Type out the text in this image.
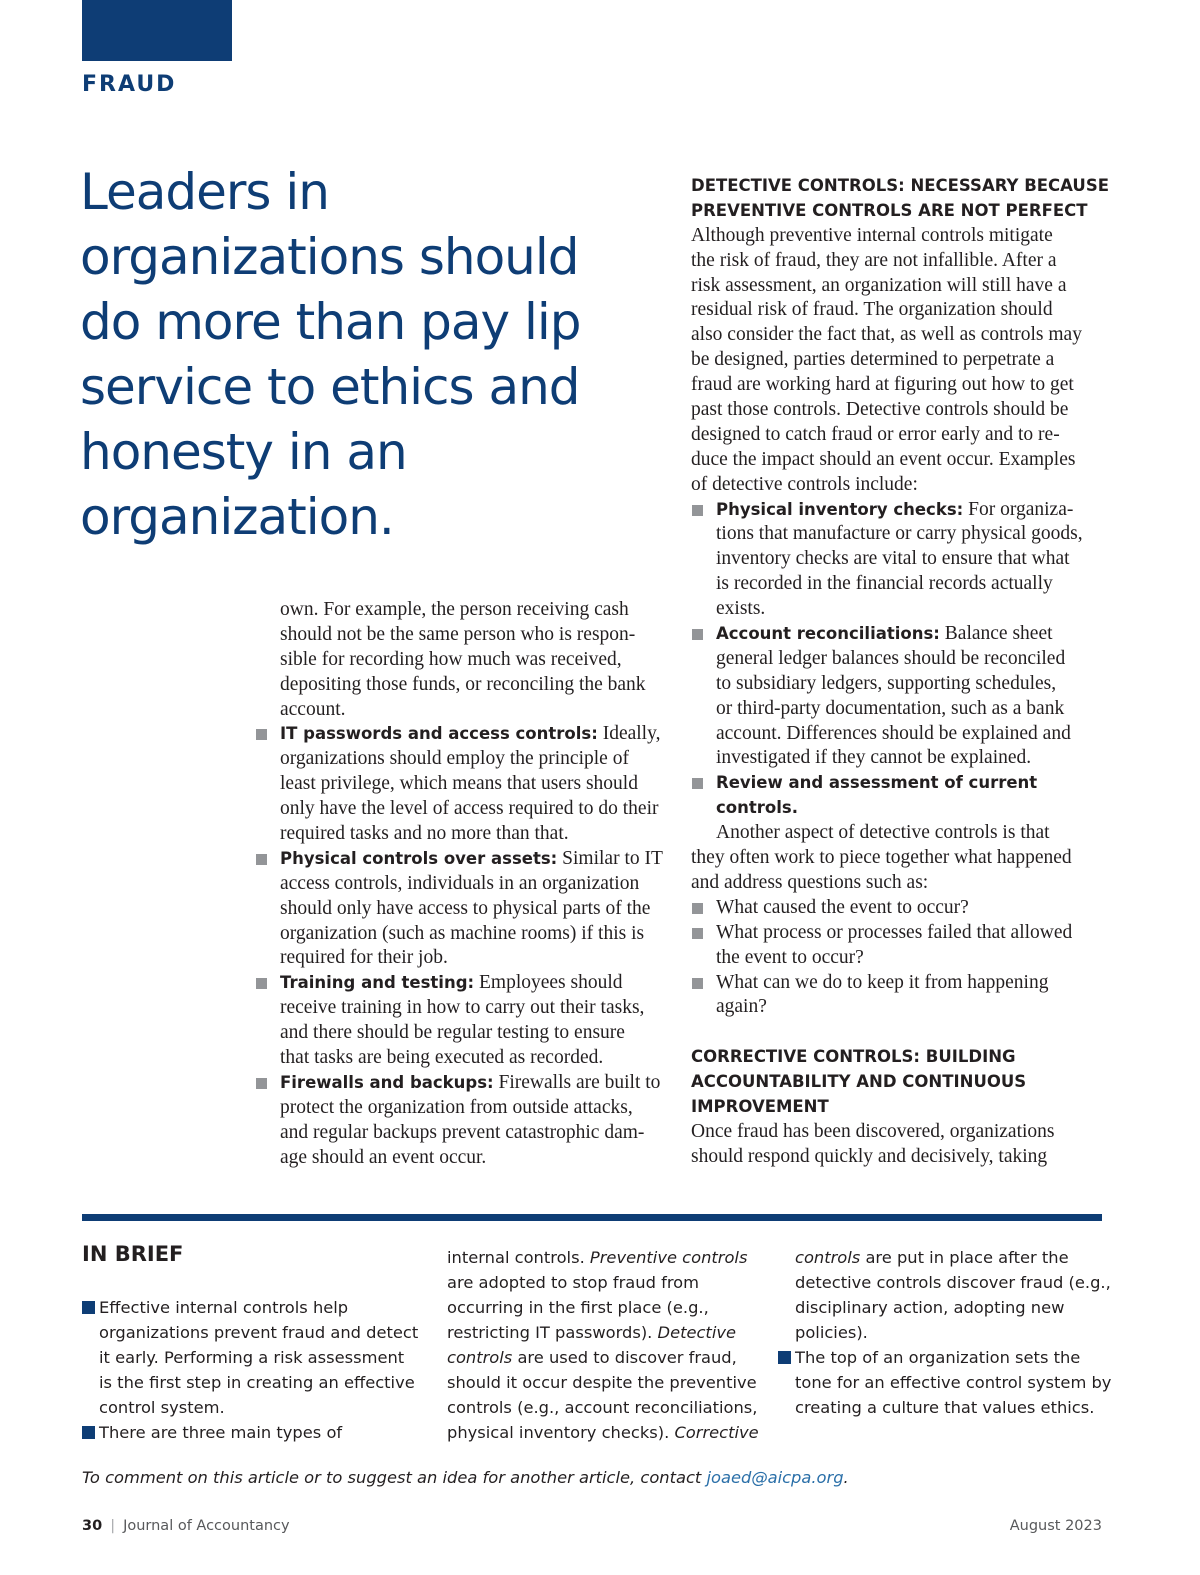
FRAUD
Leaders in
organizations should
do more than pay lip
service to ethics and
honesty in an
organization.
own. For example, the person receiving cash
should not be the same person who is respon-
sible for recording how much was received,
depositing those funds, or reconciling the bank
account.
IT passwords and access controls: Ideally,
organizations should employ the principle of
least privilege, which means that users should
only have the level of access required to do their
required tasks and no more than that.
Physical controls over assets: Similar to IT
access controls, individuals in an organization
should only have access to physical parts of the
organization (such as machine rooms) if this is
required for their job.
Training and testing: Employees should
receive training in how to carry out their tasks,
and there should be regular testing to ensure
that tasks are being executed as recorded.
Firewalls and backups: Firewalls are built to
protect the organization from outside attacks,
and regular backups prevent catastrophic dam-
age should an event occur.
DETECTIVE CONTROLS: NECESSARY BECAUSE
PREVENTIVE CONTROLS ARE NOT PERFECT
Although preventive internal controls mitigate
the risk of fraud, they are not infallible. After a
risk assessment, an organization will still have a
residual risk of fraud. The organization should
also consider the fact that, as well as controls may
be designed, parties determined to perpetrate a
fraud are working hard at figuring out how to get
past those controls. Detective controls should be
designed to catch fraud or error early and to re-
duce the impact should an event occur. Examples
of detective controls include:
Physical inventory checks: For organiza-
tions that manufacture or carry physical goods,
inventory checks are vital to ensure that what
is recorded in the financial records actually
exists.
Account reconciliations: Balance sheet
general ledger balances should be reconciled
to subsidiary ledgers, supporting schedules,
or third-party documentation, such as a bank
account. Differences should be explained and
investigated if they cannot be explained.
Review and assessment of current
controls.
Another aspect of detective controls is that
they often work to piece together what happened
and address questions such as:
What caused the event to occur?
What process or processes failed that allowed
the event to occur?
What can we do to keep it from happening
again?
CORRECTIVE CONTROLS: BUILDING
ACCOUNTABILITY AND CONTINUOUS
IMPROVEMENT
Once fraud has been discovered, organizations
should respond quickly and decisively, taking
IN BRIEF
Effective internal controls help
organizations prevent fraud and detect
it early. Performing a risk assessment
is the first step in creating an effective
control system.
There are three main types of
internal controls. Preventive controls
are adopted to stop fraud from
occurring in the first place (e.g.,
restricting IT passwords). Detective
controls are used to discover fraud,
should it occur despite the preventive
controls (e.g., account reconciliations,
physical inventory checks). Corrective
controls are put in place after the
detective controls discover fraud (e.g.,
disciplinary action, adopting new
policies).
The top of an organization sets the
tone for an effective control system by
creating a culture that values ethics.
To comment on this article or to suggest an idea for another article, contact joaed@aicpa.org.
30 | Journal of Accountancy	August 2023
